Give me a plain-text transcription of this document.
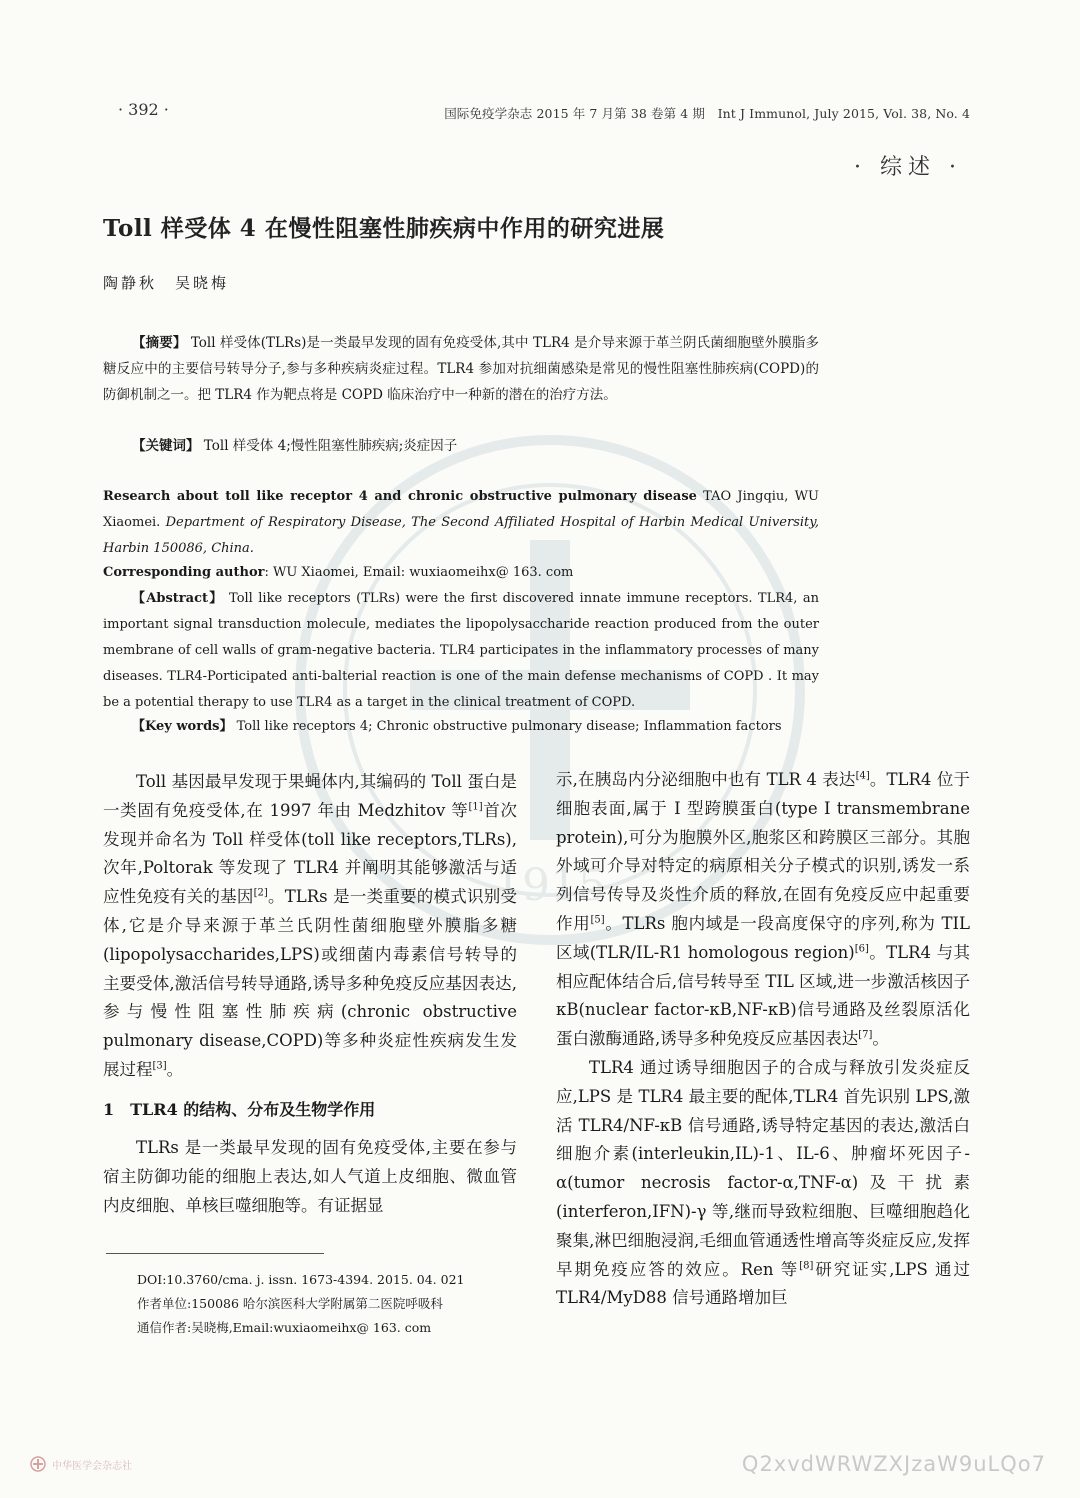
1915
· 392 ·	国际免疫学杂志 2015 年 7 月第 38 卷第 4 期　Int J Immunol, July 2015, Vol. 38, No. 4
· 综述 ·
Toll 样受体 4 在慢性阻塞性肺疾病中作用的研究进展
陶静秋　吴晓梅
【摘要】 Toll 样受体(TLRs)是一类最早发现的固有免疫受体,其中 TLR4 是介导来源于革兰阴氏菌细胞壁外膜脂多糖反应中的主要信号转导分子,参与多种疾病炎症过程。TLR4 参加对抗细菌感染是常见的慢性阻塞性肺疾病(COPD)的防御机制之一。把 TLR4 作为靶点将是 COPD 临床治疗中一种新的潜在的治疗方法。
【关键词】 Toll 样受体 4;慢性阻塞性肺疾病;炎症因子
Research about toll like receptor 4 and chronic obstructive pulmonary disease TAO Jingqiu, WU Xiaomei. Department of Respiratory Disease, The Second Affiliated Hospital of Harbin Medical University, Harbin 150086, China.
Corresponding author: WU Xiaomei, Email: wuxiaomeihx@ 163. com
【Abstract】 Toll like receptors (TLRs) were the first discovered innate immune receptors. TLR4, an important signal transduction molecule, mediates the lipopolysaccharide reaction produced from the outer membrane of cell walls of gram-negative bacteria. TLR4 participates in the inflammatory processes of many diseases. TLR4-Porticipated anti-balterial reaction is one of the main defense mechanisms of COPD . It may be a potential therapy to use TLR4 as a target in the clinical treatment of COPD.
【Key words】 Toll like receptors 4; Chronic obstructive pulmonary disease; Inflammation factors
Toll 基因最早发现于果蝇体内,其编码的 Toll 蛋白是一类固有免疫受体,在 1997 年由 Medzhitov 等[1]首次发现并命名为 Toll 样受体(toll like receptors,TLRs),次年,Poltorak 等发现了 TLR4 并阐明其能够激活与适应性免疫有关的基因[2]。TLRs 是一类重要的模式识别受体,它是介导来源于革兰氏阴性菌细胞壁外膜脂多糖(lipopolysaccharides,LPS)或细菌内毒素信号转导的主要受体,激活信号转导通路,诱导多种免疫反应基因表达,参与慢性阻塞性肺疾病(chronic obstructive pulmonary disease,COPD)等多种炎症性疾病发生发展过程[3]。
1　TLR4 的结构、分布及生物学作用
TLRs 是一类最早发现的固有免疫受体,主要在参与宿主防御功能的细胞上表达,如人气道上皮细胞、微血管内皮细胞、单核巨噬细胞等。有证据显
DOI:10.3760/cma. j. issn. 1673-4394. 2015. 04. 021
作者单位:150086 哈尔滨医科大学附属第二医院呼吸科
通信作者:吴晓梅,Email:wuxiaomeihx@ 163. com
示,在胰岛内分泌细胞中也有 TLR 4 表达[4]。TLR4 位于细胞表面,属于 I 型跨膜蛋白(type I transmembrane protein),可分为胞膜外区,胞浆区和跨膜区三部分。其胞外域可介导对特定的病原相关分子模式的识别,诱发一系列信号传导及炎性介质的释放,在固有免疫反应中起重要作用[5]。TLRs 胞内域是一段高度保守的序列,称为 TIL 区域(TLR/IL-R1 homologous region)[6]。TLR4 与其相应配体结合后,信号转导至 TIL 区域,进一步激活核因子 κB(nuclear factor-κB,NF-κB)信号通路及丝裂原活化蛋白激酶通路,诱导多种免疫反应基因表达[7]。
TLR4 通过诱导细胞因子的合成与释放引发炎症反应,LPS 是 TLR4 最主要的配体,TLR4 首先识别 LPS,激活 TLR4/NF-κB 信号通路,诱导特定基因的表达,激活白细胞介素(interleukin,IL)-1、IL-6、肿瘤坏死因子-α(tumor necrosis factor-α,TNF-α)及干扰素(interferon,IFN)-γ 等,继而导致粒细胞、巨噬细胞趋化聚集,淋巴细胞浸润,毛细血管通透性增高等炎症反应,发挥早期免疫应答的效应。Ren 等[8]研究证实,LPS 通过 TLR4/MyD88 信号通路增加巨
中华医学会杂志社	Q2xvdWRWZXJzaW9uLQo7
